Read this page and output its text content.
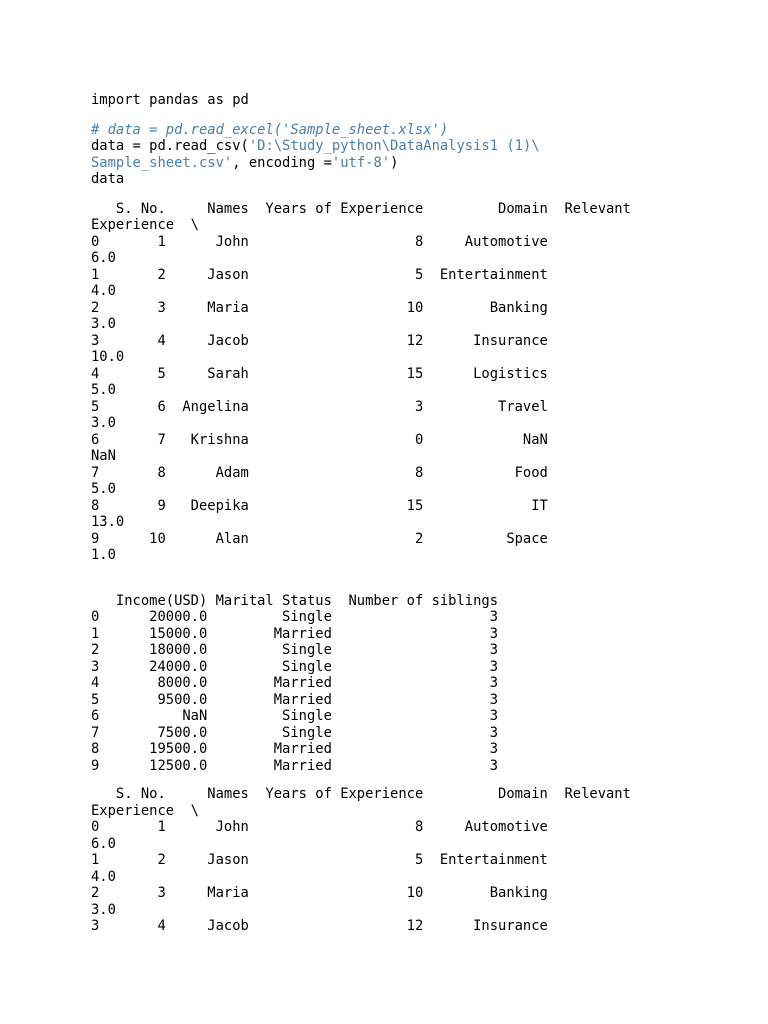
import pandas as pd
# data = pd.read_excel('Sample_sheet.xlsx')
data = pd.read_csv('D:\Study_python\DataAnalysis1 (1)\
Sample_sheet.csv', encoding ='utf-8')
data
S. No.     Names  Years of Experience         Domain  Relevant
Experience  \
0       1      John                    8     Automotive
6.0
1       2     Jason                    5  Entertainment
4.0
2       3     Maria                   10        Banking
3.0
3       4     Jacob                   12      Insurance
10.0
4       5     Sarah                   15      Logistics
5.0
5       6  Angelina                    3         Travel
3.0
6       7   Krishna                    0            NaN
NaN
7       8      Adam                    8           Food
5.0
8       9   Deepika                   15             IT
13.0
9      10      Alan                    2          Space
1.0
Income(USD) Marital Status  Number of siblings
0      20000.0         Single                   3
1      15000.0        Married                   3
2      18000.0         Single                   3
3      24000.0         Single                   3
4       8000.0        Married                   3
5       9500.0        Married                   3
6          NaN         Single                   3
7       7500.0         Single                   3
8      19500.0        Married                   3
9      12500.0        Married                   3
S. No.     Names  Years of Experience         Domain  Relevant
Experience  \
0       1      John                    8     Automotive
6.0
1       2     Jason                    5  Entertainment
4.0
2       3     Maria                   10        Banking
3.0
3       4     Jacob                   12      Insurance
